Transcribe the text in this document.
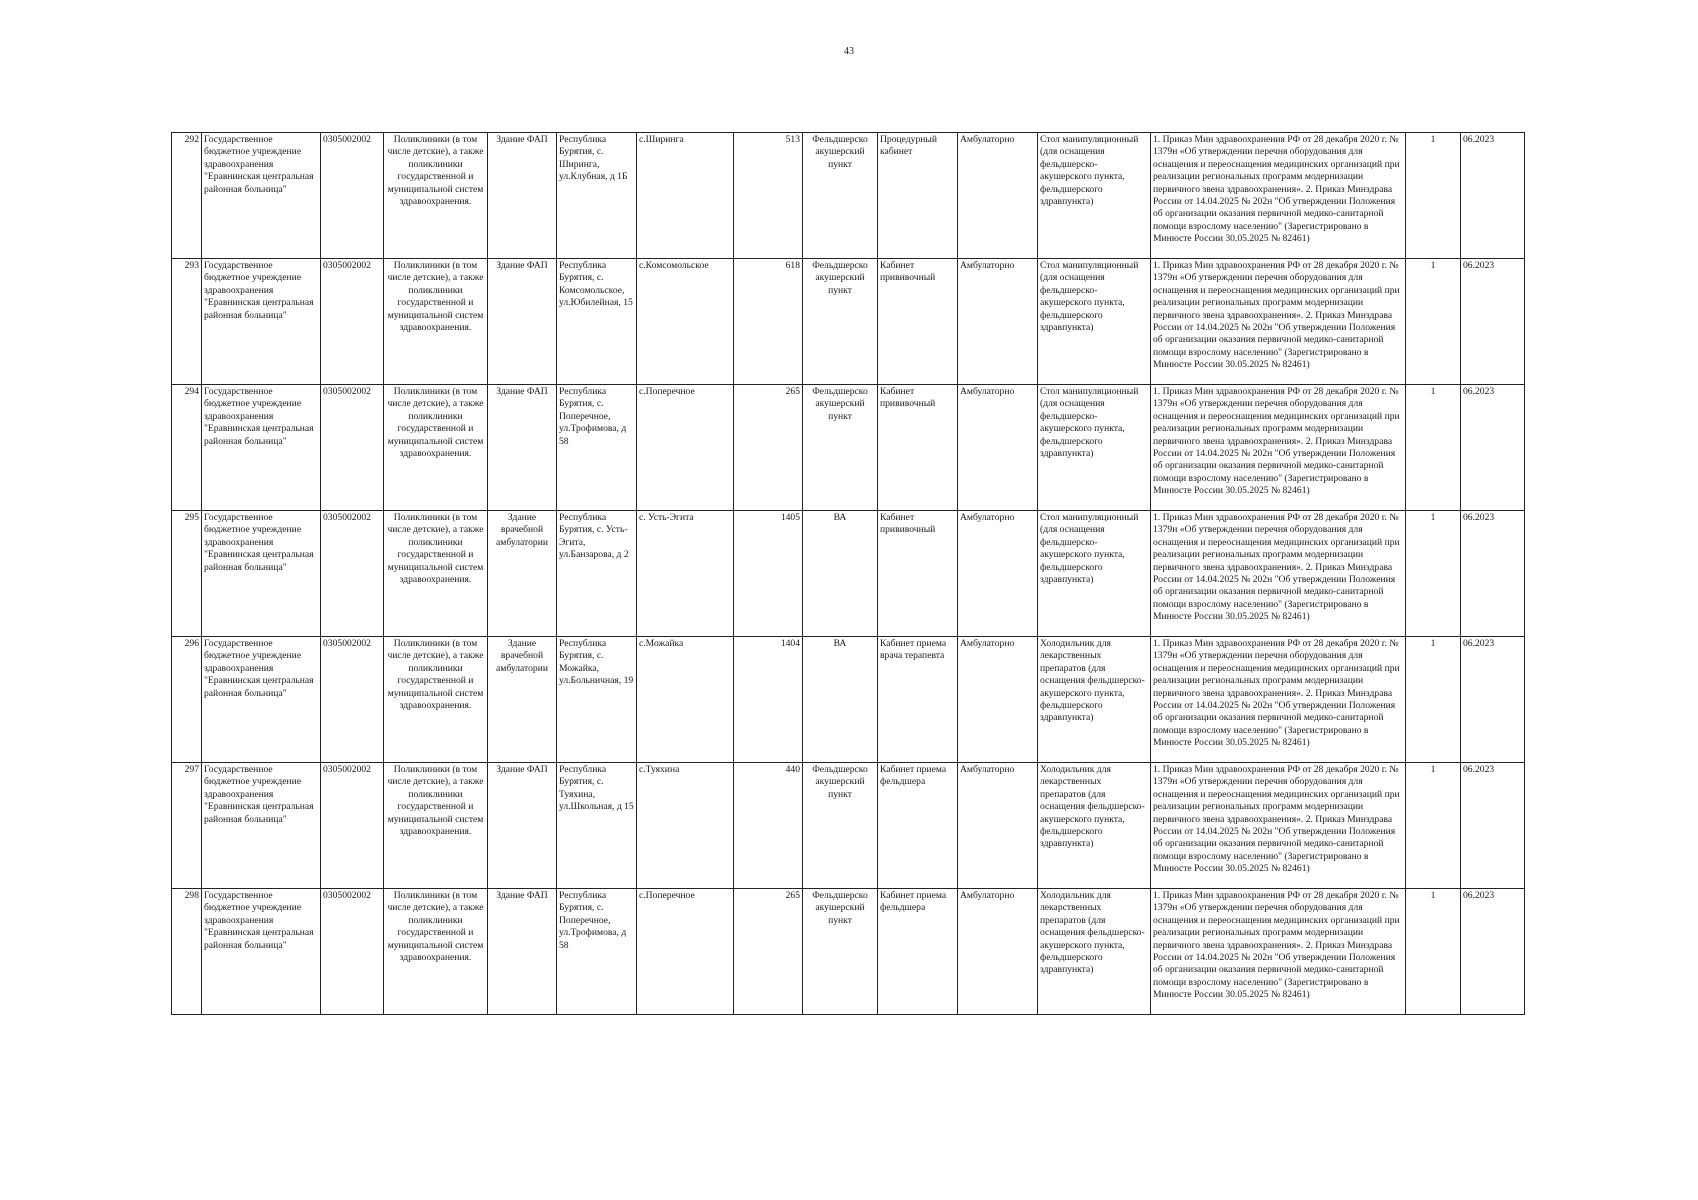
43
292	Государственное бюджетное учреждение здравоохранения "Еравнинская центральная районная больница"	0305002002	Поликлиники (в том числе детские), а также поликлиники государственной и муниципальной систем здравоохранения.	Здание ФАП	Республика Бурятия, с. Ширинга, ул.Клубная, д 1Б	с.Ширинга	513	Фельдшерско акушерский пункт	Процедурный кабинет	Амбулаторно	Стол манипуляционный (для оснащения фельдшерско-акушерского пункта, фельдшерского здравпункта)	1. Приказ Мин здравоохранения РФ от 28 декабря 2020 г. № 1379н «Об утверждении перечня оборудования для оснащения и переоснащения медицинских организаций при реализации региональных программ модернизации первичного звена здравоохранения». 2. Приказ Минздрава России от 14.04.2025 № 202н "Об утверждении Положения об организации оказания первичной медико-санитарной помощи взрослому населению" (Зарегистрировано в Минюсте России 30.05.2025 № 82461)	1	06.2023
293	Государственное бюджетное учреждение здравоохранения "Еравнинская центральная районная больница"	0305002002	Поликлиники (в том числе детские), а также поликлиники государственной и муниципальной систем здравоохранения.	Здание ФАП	Республика Бурятия, с. Комсомольское, ул.Юбилейная, 15	с.Комсомольское	618	Фельдшерско акушерский пункт	Кабинет прививочный	Амбулаторно	Стол манипуляционный (для оснащения фельдшерско-акушерского пункта, фельдшерского здравпункта)	1. Приказ Мин здравоохранения РФ от 28 декабря 2020 г. № 1379н «Об утверждении перечня оборудования для оснащения и переоснащения медицинских организаций при реализации региональных программ модернизации первичного звена здравоохранения». 2. Приказ Минздрава России от 14.04.2025 № 202н "Об утверждении Положения об организации оказания первичной медико-санитарной помощи взрослому населению" (Зарегистрировано в Минюсте России 30.05.2025 № 82461)	1	06.2023
294	Государственное бюджетное учреждение здравоохранения "Еравнинская центральная районная больница"	0305002002	Поликлиники (в том числе детские), а также поликлиники государственной и муниципальной систем здравоохранения.	Здание ФАП	Республика Бурятия, с. Поперечное, ул.Трофимова, д 58	с.Поперечное	265	Фельдшерско акушерский пункт	Кабинет прививочный	Амбулаторно	Стол манипуляционный (для оснащения фельдшерско-акушерского пункта, фельдшерского здравпункта)	1. Приказ Мин здравоохранения РФ от 28 декабря 2020 г. № 1379н «Об утверждении перечня оборудования для оснащения и переоснащения медицинских организаций при реализации региональных программ модернизации первичного звена здравоохранения». 2. Приказ Минздрава России от 14.04.2025 № 202н "Об утверждении Положения об организации оказания первичной медико-санитарной помощи взрослому населению" (Зарегистрировано в Минюсте России 30.05.2025 № 82461)	1	06.2023
295	Государственное бюджетное учреждение здравоохранения "Еравнинская центральная районная больница"	0305002002	Поликлиники (в том числе детские), а также поликлиники государственной и муниципальной систем здравоохранения.	Здание врачебной амбулатории	Республика Бурятия, с. Усть-Эгита, ул.Банзарова, д 2	с. Усть-Эгита	1405	ВА	Кабинет прививочный	Амбулаторно	Стол манипуляционный (для оснащения фельдшерско-акушерского пункта, фельдшерского здравпункта)	1. Приказ Мин здравоохранения РФ от 28 декабря 2020 г. № 1379н «Об утверждении перечня оборудования для оснащения и переоснащения медицинских организаций при реализации региональных программ модернизации первичного звена здравоохранения». 2. Приказ Минздрава России от 14.04.2025 № 202н "Об утверждении Положения об организации оказания первичной медико-санитарной помощи взрослому населению" (Зарегистрировано в Минюсте России 30.05.2025 № 82461)	1	06.2023
296	Государственное бюджетное учреждение здравоохранения "Еравнинская центральная районная больница"	0305002002	Поликлиники (в том числе детские), а также поликлиники государственной и муниципальной систем здравоохранения.	Здание врачебной амбулатории	Республика Бурятия, с. Можайка, ул.Больничная, 19	с.Можайка	1404	ВА	Кабинет приема врача терапевта	Амбулаторно	Холодильник для лекарственных препаратов (для оснащения фельдшерско-акушерского пункта, фельдшерского здравпункта)	1. Приказ Мин здравоохранения РФ от 28 декабря 2020 г. № 1379н «Об утверждении перечня оборудования для оснащения и переоснащения медицинских организаций при реализации региональных программ модернизации первичного звена здравоохранения». 2. Приказ Минздрава России от 14.04.2025 № 202н "Об утверждении Положения об организации оказания первичной медико-санитарной помощи взрослому населению" (Зарегистрировано в Минюсте России 30.05.2025 № 82461)	1	06.2023
297	Государственное бюджетное учреждение здравоохранения "Еравнинская центральная районная больница"	0305002002	Поликлиники (в том числе детские), а также поликлиники государственной и муниципальной систем здравоохранения.	Здание ФАП	Республика Бурятия, с. Туяхина, ул.Школьная, д 15	с.Туяхина	440	Фельдшерско акушерский пункт	Кабинет приема фельдшера	Амбулаторно	Холодильник для лекарственных препаратов (для оснащения фельдшерско-акушерского пункта, фельдшерского здравпункта)	1. Приказ Мин здравоохранения РФ от 28 декабря 2020 г. № 1379н «Об утверждении перечня оборудования для оснащения и переоснащения медицинских организаций при реализации региональных программ модернизации первичного звена здравоохранения». 2. Приказ Минздрава России от 14.04.2025 № 202н "Об утверждении Положения об организации оказания первичной медико-санитарной помощи взрослому населению" (Зарегистрировано в Минюсте России 30.05.2025 № 82461)	1	06.2023
298	Государственное бюджетное учреждение здравоохранения "Еравнинская центральная районная больница"	0305002002	Поликлиники (в том числе детские), а также поликлиники государственной и муниципальной систем здравоохранения.	Здание ФАП	Республика Бурятия, с. Поперечное, ул.Трофимова, д 58	с.Поперечное	265	Фельдшерско акушерский пункт	Кабинет приема фельдшера	Амбулаторно	Холодильник для лекарственных препаратов (для оснащения фельдшерско-акушерского пункта, фельдшерского здравпункта)	1. Приказ Мин здравоохранения РФ от 28 декабря 2020 г. № 1379н «Об утверждении перечня оборудования для оснащения и переоснащения медицинских организаций при реализации региональных программ модернизации первичного звена здравоохранения». 2. Приказ Минздрава России от 14.04.2025 № 202н "Об утверждении Положения об организации оказания первичной медико-санитарной помощи взрослому населению" (Зарегистрировано в Минюсте России 30.05.2025 № 82461)	1	06.2023
